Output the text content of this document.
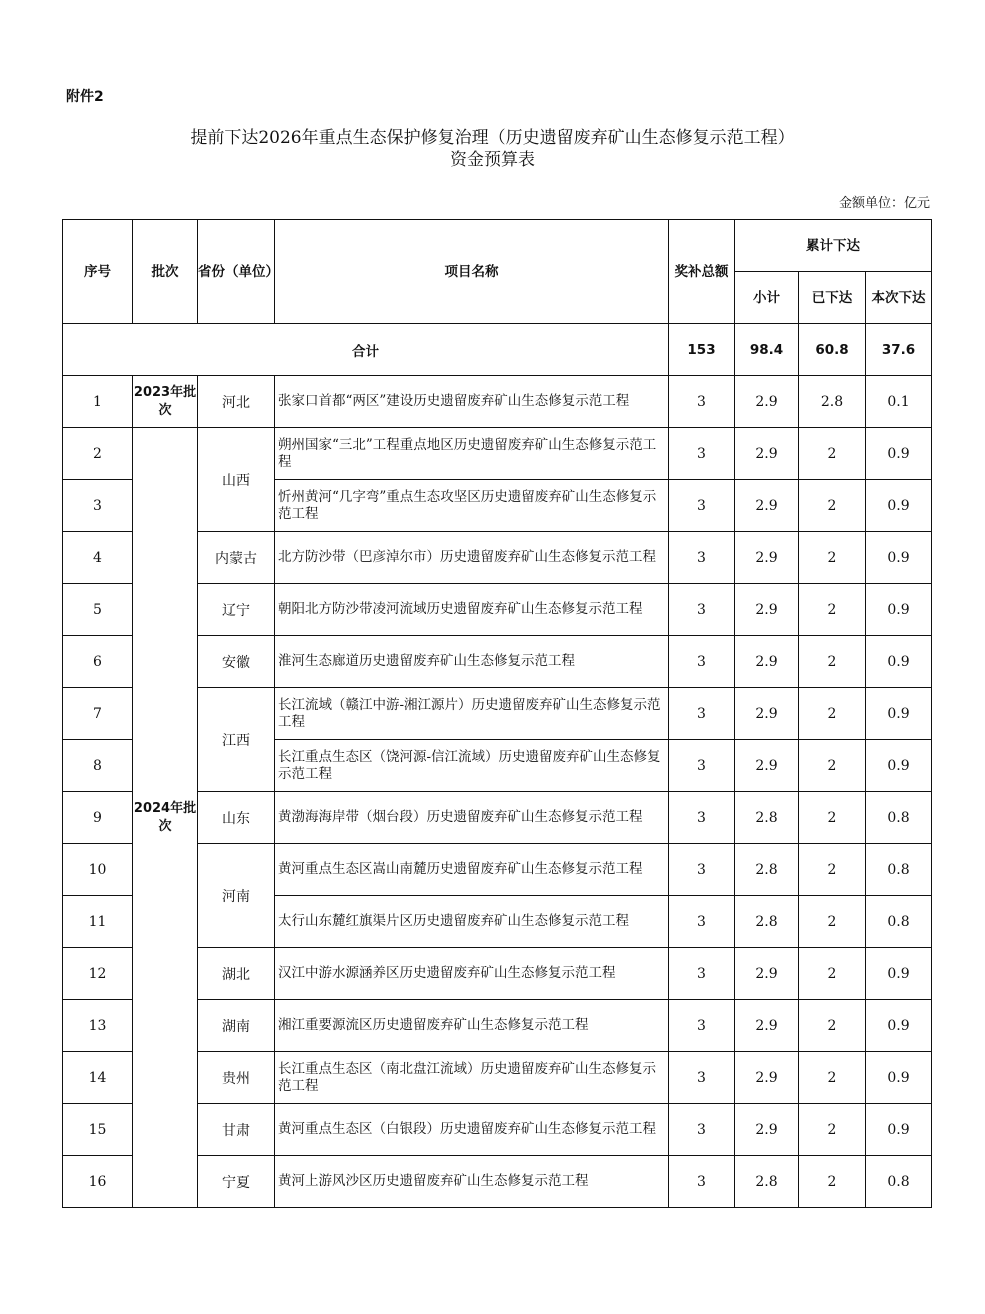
附件2
提前下达2026年重点生态保护修复治理（历史遗留废弃矿山生态修复示范工程）
资金预算表
金额单位：亿元
序号	批次	省份（单位）	项目名称	奖补总额	累计下达		
					小计	已下达	本次下达
合计				153	98.4	60.8	37.6
1	2023年批次	河北	张家口首都“两区”建设历史遗留废弃矿山生态修复示范工程	3	2.9	2.8	0.1
2	2024年批次	山西	朔州国家“三北”工程重点地区历史遗留废弃矿山生态修复示范工程	3	2.9	2	0.9
3			忻州黄河“几字弯”重点生态攻坚区历史遗留废弃矿山生态修复示范工程	3	2.9	2	0.9
4		内蒙古	北方防沙带（巴彦淖尔市）历史遗留废弃矿山生态修复示范工程	3	2.9	2	0.9
5		辽宁	朝阳北方防沙带凌河流域历史遗留废弃矿山生态修复示范工程	3	2.9	2	0.9
6		安徽	淮河生态廊道历史遗留废弃矿山生态修复示范工程	3	2.9	2	0.9
7		江西	长江流域（赣江中游-湘江源片）历史遗留废弃矿山生态修复示范工程	3	2.9	2	0.9
8			长江重点生态区（饶河源-信江流域）历史遗留废弃矿山生态修复示范工程	3	2.9	2	0.9
9		山东	黄渤海海岸带（烟台段）历史遗留废弃矿山生态修复示范工程	3	2.8	2	0.8
10		河南	黄河重点生态区嵩山南麓历史遗留废弃矿山生态修复示范工程	3	2.8	2	0.8
11			太行山东麓红旗渠片区历史遗留废弃矿山生态修复示范工程	3	2.8	2	0.8
12		湖北	汉江中游水源涵养区历史遗留废弃矿山生态修复示范工程	3	2.9	2	0.9
13		湖南	湘江重要源流区历史遗留废弃矿山生态修复示范工程	3	2.9	2	0.9
14		贵州	长江重点生态区（南北盘江流域）历史遗留废弃矿山生态修复示范工程	3	2.9	2	0.9
15		甘肃	黄河重点生态区（白银段）历史遗留废弃矿山生态修复示范工程	3	2.9	2	0.9
16		宁夏	黄河上游风沙区历史遗留废弃矿山生态修复示范工程	3	2.8	2	0.8
